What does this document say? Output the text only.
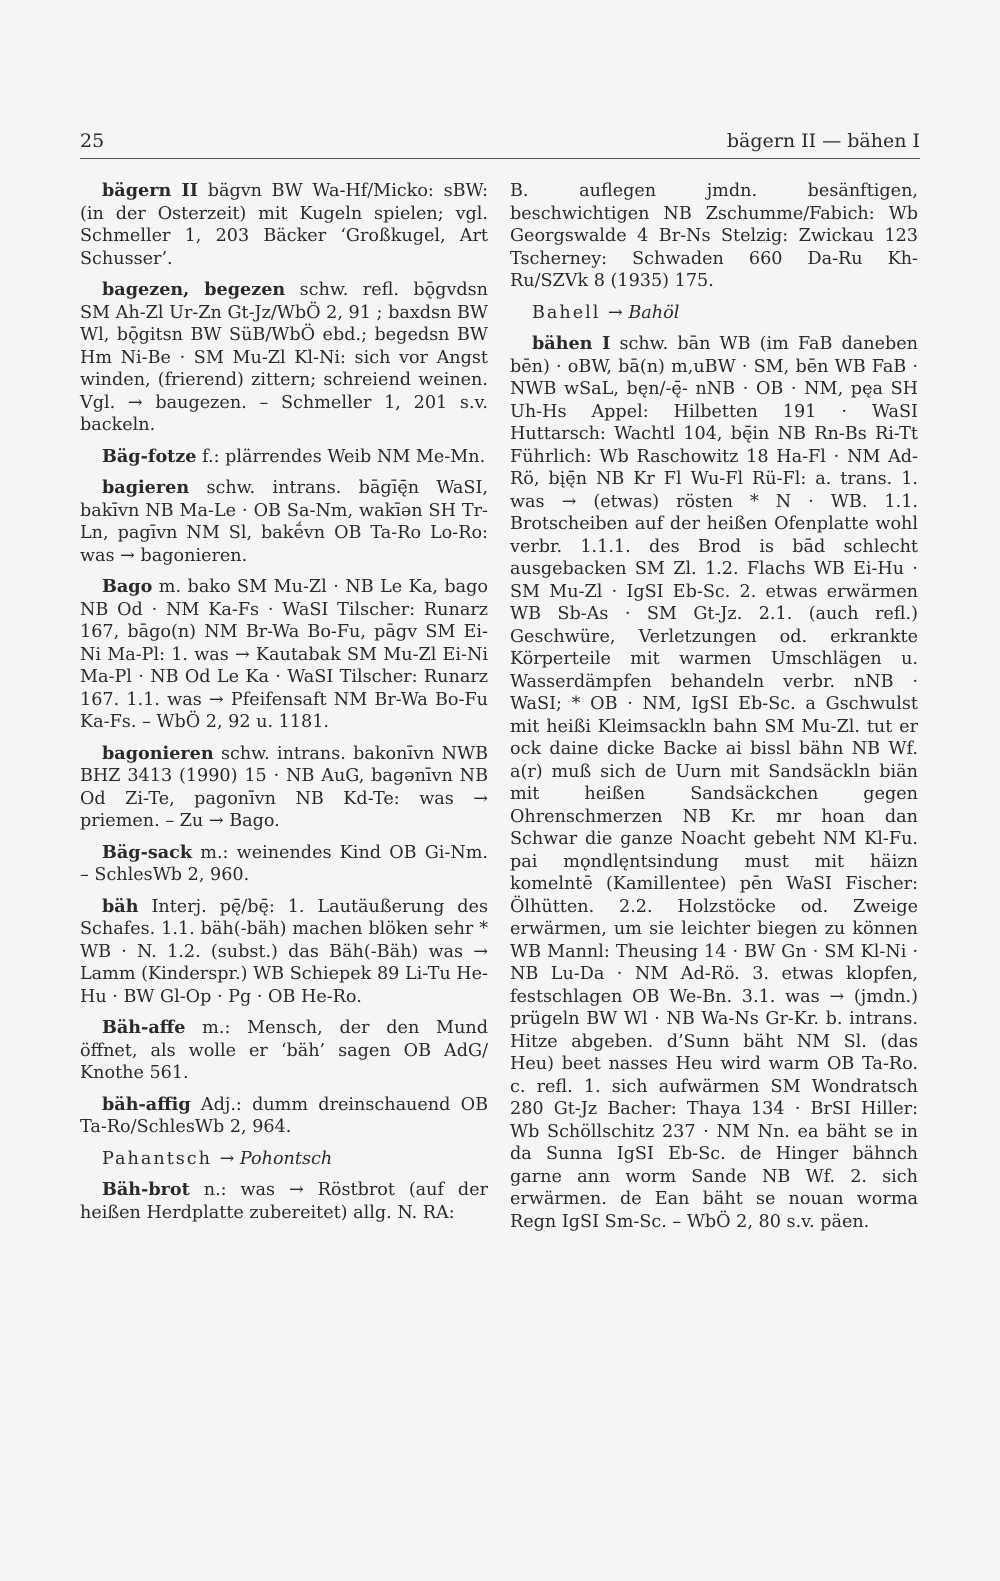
25	bägern II — bähen I

bägern II bägvn BW Wa-Hf/Micko: sBW: (in der Osterzeit) mit Kugeln spielen; vgl. Schmeller 1, 203 Bäcker ‘Großkugel, Art Schusser’.

bagezen, begezen schw. refl. bǭgvdsn SM Ah-Zl Ur-Zn Gt-Jz/WbÖ 2, 91 ; baxdsn BW Wl, bǭgitsn BW SüB/WbÖ ebd.; begedsn BW Hm Ni-Be · SM Mu-Zl Kl-Ni: sich vor Angst winden, (frierend) zittern; schreiend weinen. Vgl. → baugezen. – Schmeller 1, 201 s.v. backeln.

Bäg-fotze f.: plärrendes Weib NM Me-Mn.

bagieren schw. intrans. bāgīę̄n WaSI, bakīvn NB Ma-Le · OB Sa-Nm, wakīən SH Tr-Ln, pagīvn NM Sl, bakḗvn OB Ta-Ro Lo-Ro: was → bagonieren.

Bago m. bako SM Mu-Zl · NB Le Ka, bago NB Od · NM Ka-Fs · WaSI Tilscher: Runarz 167, bāgo(n) NM Br-Wa Bo-Fu, pāgv SM Ei-Ni Ma-Pl: 1. was → Kautabak SM Mu-Zl Ei-Ni Ma-Pl · NB Od Le Ka · WaSI Tilscher: Runarz 167. 1.1. was → Pfeifensaft NM Br-Wa Bo-Fu Ka-Fs. – WbÖ 2, 92 u. 1181.

bagonieren schw. intrans. bakonīvn NWB BHZ 3413 (1990) 15 · NB AuG, bagənīvn NB Od Zi-Te, pagonīvn NB Kd-Te: was → priemen. – Zu → Bago.

Bäg-sack m.: weinendes Kind OB Gi-Nm. – SchlesWb 2, 960.

bäh Interj. pę̄/bę̄: 1. Lautäußerung des Schafes. 1.1. bäh(-bäh) machen blöken sehr * WB · N. 1.2. (subst.) das Bäh(-Bäh) was → Lamm (Kinderspr.) WB Schiepek 89 Li-Tu He-Hu · BW Gl-Op · Pg · OB He-Ro.

Bäh-affe m.: Mensch, der den Mund öffnet, als wolle er ‘bäh’ sagen OB AdG/ Knothe 561.

bäh-affig Adj.: dumm dreinschauend OB Ta-Ro/SchlesWb 2, 964.

Pahantsch → Pohontsch

Bäh-brot n.: was → Röstbrot (auf der heißen Herdplatte zubereitet) allg. N. RA:

B. auflegen jmdn. besänftigen, beschwichtigen NB Zschumme/Fabich: Wb Georgswalde 4 Br-Ns Stelzig: Zwickau 123 Tscherney: Schwaden 660 Da-Ru Kh-Ru/SZVk 8 (1935) 175.

Bahell → Bahöl

bähen I schw. bān WB (im FaB daneben bēn) · oBW, bā(n) m,uBW · SM, bēn WB FaB · NWB wSaL, bęn/-ę̄- nNB · OB · NM, pęa SH Uh-Hs Appel: Hilbetten 191 · WaSI Huttarsch: Wachtl 104, bę̄in NB Rn-Bs Ri-Tt Führlich: Wb Raschowitz 18 Ha-Fl · NM Ad-Rö, bįę̄n NB Kr Fl Wu-Fl Rü-Fl: a. trans. 1. was → (etwas) rösten * N · WB. 1.1. Brotscheiben auf der heißen Ofenplatte wohl verbr. 1.1.1. des Brod is bād schlecht ausgebacken SM Zl. 1.2. Flachs WB Ei-Hu · SM Mu-Zl · IgSI Eb-Sc. 2. etwas erwärmen WB Sb-As · SM Gt-Jz. 2.1. (auch refl.) Geschwüre, Verletzungen od. erkrankte Körperteile mit warmen Umschlägen u. Wasserdämpfen behandeln verbr. nNB · WaSI; * OB · NM, IgSI Eb-Sc. a Gschwulst mit heißi Kleimsackln bahn SM Mu-Zl. tut er ock daine dicke Backe ai bissl bähn NB Wf. a(r) muß sich de Uurn mit Sandsäckln biän mit heißen Sandsäckchen gegen Ohrenschmerzen NB Kr. mr hoan dan Schwar die ganze Noacht gebeht NM Kl-Fu. pai mǫndlęntsindung must mit häizn komelntē (Kamillentee) pēn WaSI Fischer: Ölhütten. 2.2. Holzstöcke od. Zweige erwärmen, um sie leichter biegen zu können WB Mannl: Theusing 14 · BW Gn · SM Kl-Ni · NB Lu-Da · NM Ad-Rö. 3. etwas klopfen, festschlagen OB We-Bn. 3.1. was → (jmdn.) prügeln BW Wl · NB Wa-Ns Gr-Kr. b. intrans. Hitze abgeben. d’Sunn bäht NM Sl. (das Heu) beet nasses Heu wird warm OB Ta-Ro. c. refl. 1. sich aufwärmen SM Wondratsch 280 Gt-Jz Bacher: Thaya 134 · BrSI Hiller: Wb Schöllschitz 237 · NM Nn. ea bäht se in da Sunna IgSI Eb-Sc. de Hinger bähnch garne ann worm Sande NB Wf. 2. sich erwärmen. de Ean bäht se nouan worma Regn IgSI Sm-Sc. – WbÖ 2, 80 s.v. päen.
